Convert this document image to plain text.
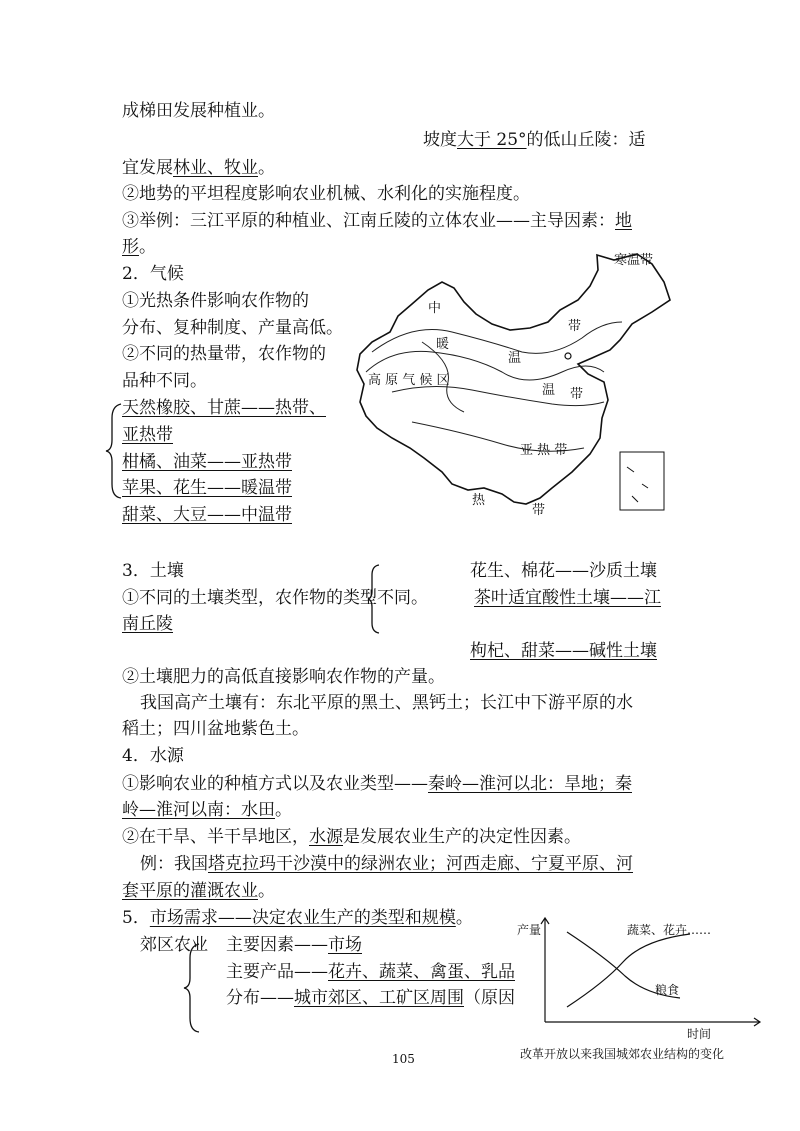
成梯田发展种植业。
坡度大于 25°的低山丘陵：适
宜发展林业、牧业。
②地势的平坦程度影响农业机械、水利化的实施程度。
③举例：三江平原的种植业、江南丘陵的立体农业——主导因素：地
形。
2．气候
①光热条件影响农作物的
分布、复种制度、产量高低。
②不同的热量带，农作物的
品种不同。
天然橡胶、甘蔗——热带、
亚热带
柑橘、油菜——亚热带
苹果、花生——暖温带
甜菜、大豆——中温带
寒温带
中
暖
高 原 气 候 区
温
温
带
带
亚 热 带
热
带
3．土壤	花生、棉花——沙质土壤
①不同的土壤类型，农作物的类型不同。	茶叶适宜酸性土壤——江
南丘陵
枸杞、甜菜——碱性土壤
②土壤肥力的高低直接影响农作物的产量。
我国高产土壤有：东北平原的黑土、黑钙土；长江中下游平原的水
稻土；四川盆地紫色土。
4．水源
①影响农业的种植方式以及农业类型——秦岭—淮河以北：旱地；秦
岭—淮河以南：水田。
②在干旱、半干旱地区，水源是发展农业生产的决定性因素。
例：我国塔克拉玛干沙漠中的绿洲农业；河西走廊、宁夏平原、河
套平原的灌溉农业。
5．市场需求——决定农业生产的类型和规模。
郊区农业
产量
时间
蔬菜、花卉……
粮食
改革开放以来我国城郊农业结构的变化
主要因素——市场
主要产品——花卉、蔬菜、禽蛋、乳品
分布——城市郊区、工矿区周围（原因
105
